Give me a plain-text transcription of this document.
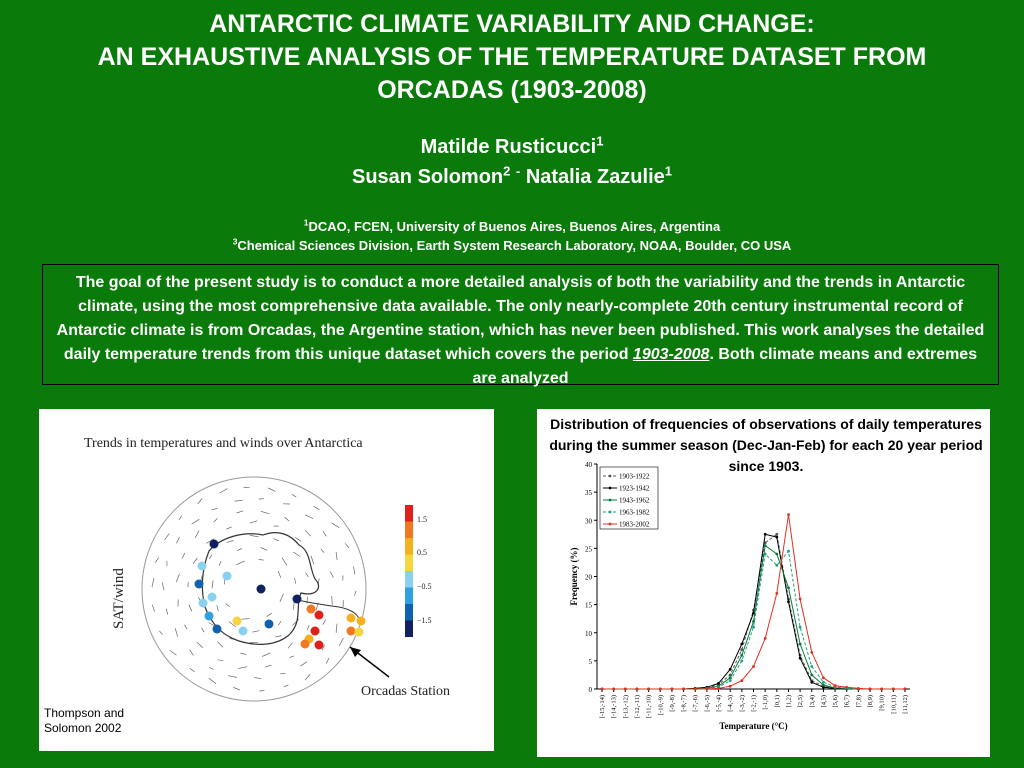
ANTARCTIC CLIMATE VARIABILITY AND CHANGE:
AN EXHAUSTIVE ANALYSIS OF THE TEMPERATURE DATASET FROM
ORCADAS (1903-2008)
Matilde Rusticucci$^1$
Susan Solomon$^2$ - Natalia Zazulie$^1$
$^1$DCAO, FCEN, University of Buenos Aires, Buenos Aires, Argentina
$^3$Chemical Sciences Division, Earth System Research Laboratory, NOAA, Boulder, CO USA
The goal of the present study is to conduct a more detailed analysis of both the variability and the trends in Antarctic climate, using the most comprehensive data available. The only nearly-complete 20th century instrumental record of Antarctic climate is from Orcadas, the Argentine station, which has never been published. This work analyses the detailed daily temperature trends from this unique dataset which covers the period 1903-2008. Both climate means and extremes are analyzed
Trends in temperatures and winds over Antarctica
SAT/wind
1.5
0.5
−0.5
−1.5
Orcadas Station
Thompson and
Solomon 2002
Distribution of frequencies of observations of daily temperatures during the summer season (Dec-Jan-Feb) for each 20 year period since 1903.
0
5
10
15
20
25
30
35
40
[-15,-14) [-14,-13) [-13,-12) [-12,-11) [-11,-10) [-10,-9) [-9,-8) [-8,-7) [-7,-6) [-6,-5) [-5,-4) [-4,-3) [-3,-2) [-2,-1) [-1,0) [0,1) [1,2) [2,3) [3,4) [4,5) [5,6) [6,7) [7,8) [8,9) [9,10) [10,11) [11,12)
Frequency (%)
Temperature (°C)
1903-1922
1923-1942
1943-1962
1963-1982
1983-2002
